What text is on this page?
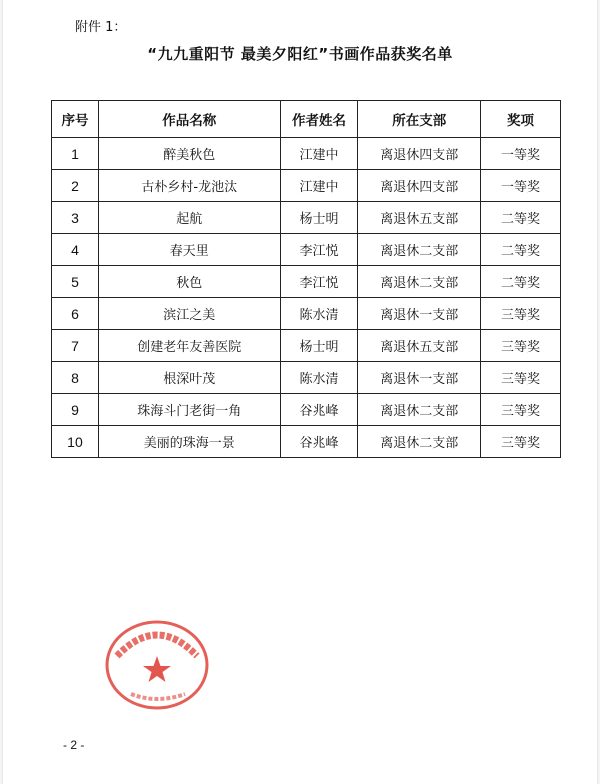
附件 1：
“九九重阳节 最美夕阳红”书画作品获奖名单
序号	作品名称	作者姓名	所在支部	奖项
1	醉美秋色	江建中	离退休四支部	一等奖
2	古朴乡村-龙池汰	江建中	离退休四支部	一等奖
3	起航	杨士明	离退休五支部	二等奖
4	春天里	李江悦	离退休二支部	二等奖
5	秋色	李江悦	离退休二支部	二等奖
6	滨江之美	陈水清	离退休一支部	三等奖
7	创建老年友善医院	杨士明	离退休五支部	三等奖
8	根深叶茂	陈水清	离退休一支部	三等奖
9	珠海斗门老街一角	谷兆峰	离退休二支部	三等奖
10	美丽的珠海一景	谷兆峰	离退休二支部	三等奖
- 2 -
